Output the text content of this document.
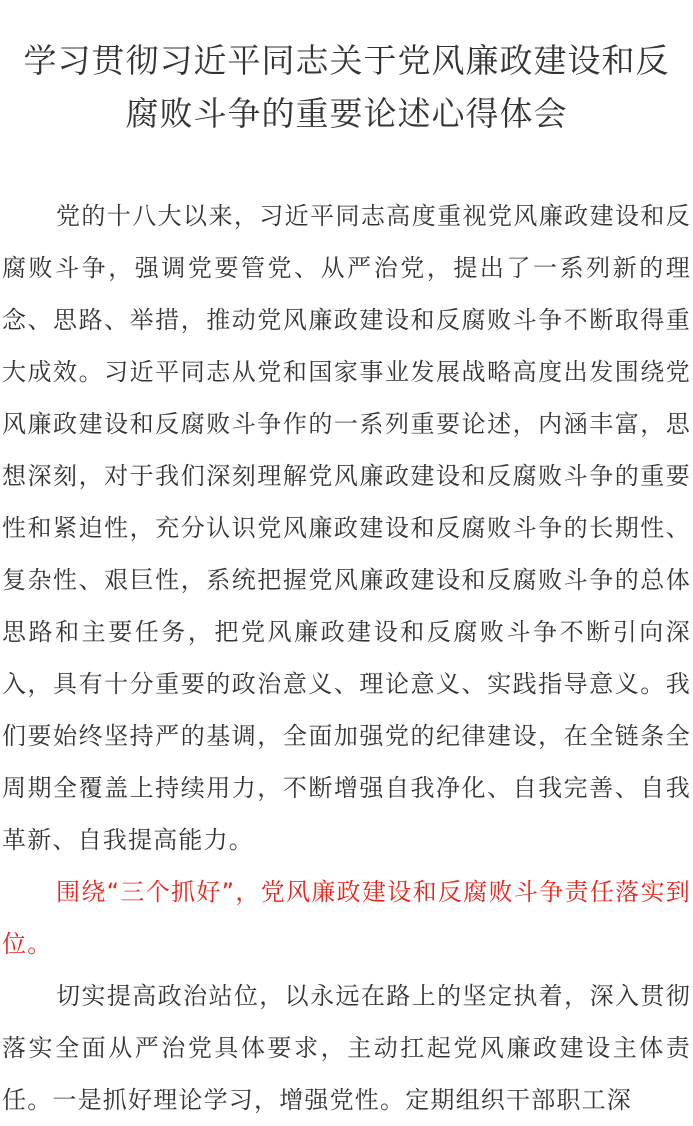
学习贯彻习近平同志关于党风廉政建设和反
腐败斗争的重要论述心得体会

党的十八大以来，习近平同志高度重视党风廉政建设和反腐败斗争，强调党要管党、从严治党，提出了一系列新的理念、思路、举措，推动党风廉政建设和反腐败斗争不断取得重大成效。习近平同志从党和国家事业发展战略高度出发围绕党风廉政建设和反腐败斗争作的一系列重要论述，内涵丰富，思想深刻，对于我们深刻理解党风廉政建设和反腐败斗争的重要性和紧迫性，充分认识党风廉政建设和反腐败斗争的长期性、复杂性、艰巨性，系统把握党风廉政建设和反腐败斗争的总体思路和主要任务，把党风廉政建设和反腐败斗争不断引向深入，具有十分重要的政治意义、理论意义、实践指导意义。我们要始终坚持严的基调，全面加强党的纪律建设，在全链条全周期全覆盖上持续用力，不断增强自我净化、自我完善、自我革新、自我提高能力。

围绕“三个抓好”，党风廉政建设和反腐败斗争责任落实到位。

切实提高政治站位，以永远在路上的坚定执着，深入贯彻落实全面从严治党具体要求，主动扛起党风廉政建设主体责任。一是抓好理论学习，增强党性。定期组织干部职工深
